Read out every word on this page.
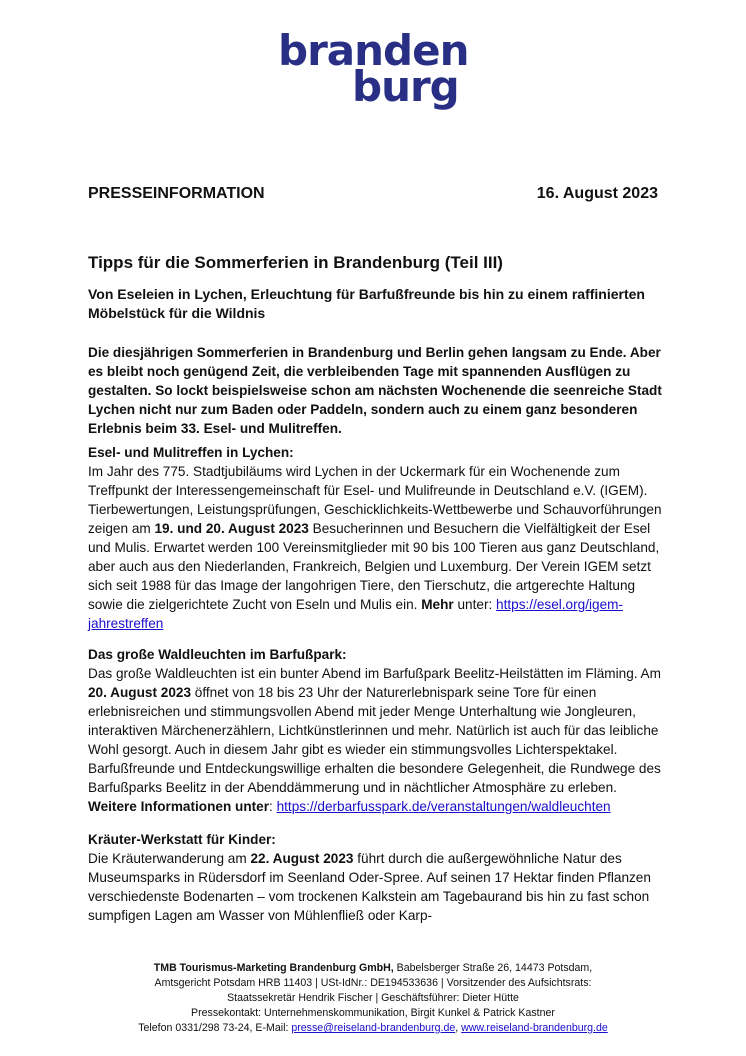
branden
burg
PRESSEINFORMATION	16. August 2023
Tipps für die Sommerferien in Brandenburg (Teil III)
Von Eseleien in Lychen, Erleuchtung für Barfußfreunde bis hin zu einem raffinierten Möbelstück für die Wildnis
Die diesjährigen Sommerferien in Brandenburg und Berlin gehen langsam zu Ende. Aber es bleibt noch genügend Zeit, die verbleibenden Tage mit spannenden Ausflügen zu gestalten. So lockt beispielsweise schon am nächsten Wochenende die seenreiche Stadt Lychen nicht nur zum Baden oder Paddeln, sondern auch zu einem ganz besonderen Erlebnis beim 33. Esel- und Mulitreffen.
Esel- und Mulitreffen in Lychen:

Im Jahr des 775. Stadtjubiläums wird Lychen in der Uckermark für ein Wochenende zum Treffpunkt der Interessengemeinschaft für Esel- und Mulifreunde in Deutschland e.V. (IGEM). Tierbewertungen, Leistungsprüfungen, Geschicklichkeits-Wettbewerbe und Schauvorführungen zeigen am 19. und 20. August 2023 Besucherinnen und Besuchern die Vielfältigkeit der Esel und Mulis. Erwartet werden 100 Vereinsmitglieder mit 90 bis 100 Tieren aus ganz Deutschland, aber auch aus den Niederlanden, Frankreich, Belgien und Luxemburg. Der Verein IGEM setzt sich seit 1988 für das Image der langohrigen Tiere, den Tierschutz, die artgerechte Haltung sowie die zielgerichtete Zucht von Eseln und Mulis ein. Mehr unter: https://esel.org/igem-jahrestreffen

Das große Waldleuchten im Barfußpark:

Das große Waldleuchten ist ein bunter Abend im Barfußpark Beelitz-Heilstätten im Fläming. Am 20. August 2023 öffnet von 18 bis 23 Uhr der Naturerlebnispark seine Tore für einen erlebnisreichen und stimmungsvollen Abend mit jeder Menge Unterhaltung wie Jongleuren, interaktiven Märchenerzählern, Lichtkünstlerinnen und mehr. Natürlich ist auch für das leibliche Wohl gesorgt. Auch in diesem Jahr gibt es wieder ein stimmungsvolles Lichterspektakel. Barfußfreunde und Entdeckungswillige erhalten die besondere Gelegenheit, die Rundwege des Barfußparks Beelitz in der Abenddämmerung und in nächtlicher Atmosphäre zu erleben. Weitere Informationen unter: https://derbarfusspark.de/veranstaltungen/waldleuchten

Kräuter-Werkstatt für Kinder:

Die Kräuterwanderung am 22. August 2023 führt durch die außergewöhnliche Natur des Museumsparks in Rüdersdorf im Seenland Oder-Spree. Auf seinen 17 Hektar finden Pflanzen verschiedenste Bodenarten – vom trockenen Kalkstein am Tagebaurand bis hin zu fast schon sumpfigen Lagen am Wasser von Mühlenfließ oder Karp-

TMB Tourismus-Marketing Brandenburg GmbH, Babelsberger Straße 26, 14473 Potsdam,
Amtsgericht Potsdam HRB 11403 | USt-IdNr.: DE194533636 | Vorsitzender des Aufsichtsrats:
Staatssekretär Hendrik Fischer | Geschäftsführer: Dieter Hütte
Pressekontakt: Unternehmenskommunikation, Birgit Kunkel & Patrick Kastner
Telefon 0331/298 73-24, E-Mail: presse@reiseland-brandenburg.de, www.reiseland-brandenburg.de
